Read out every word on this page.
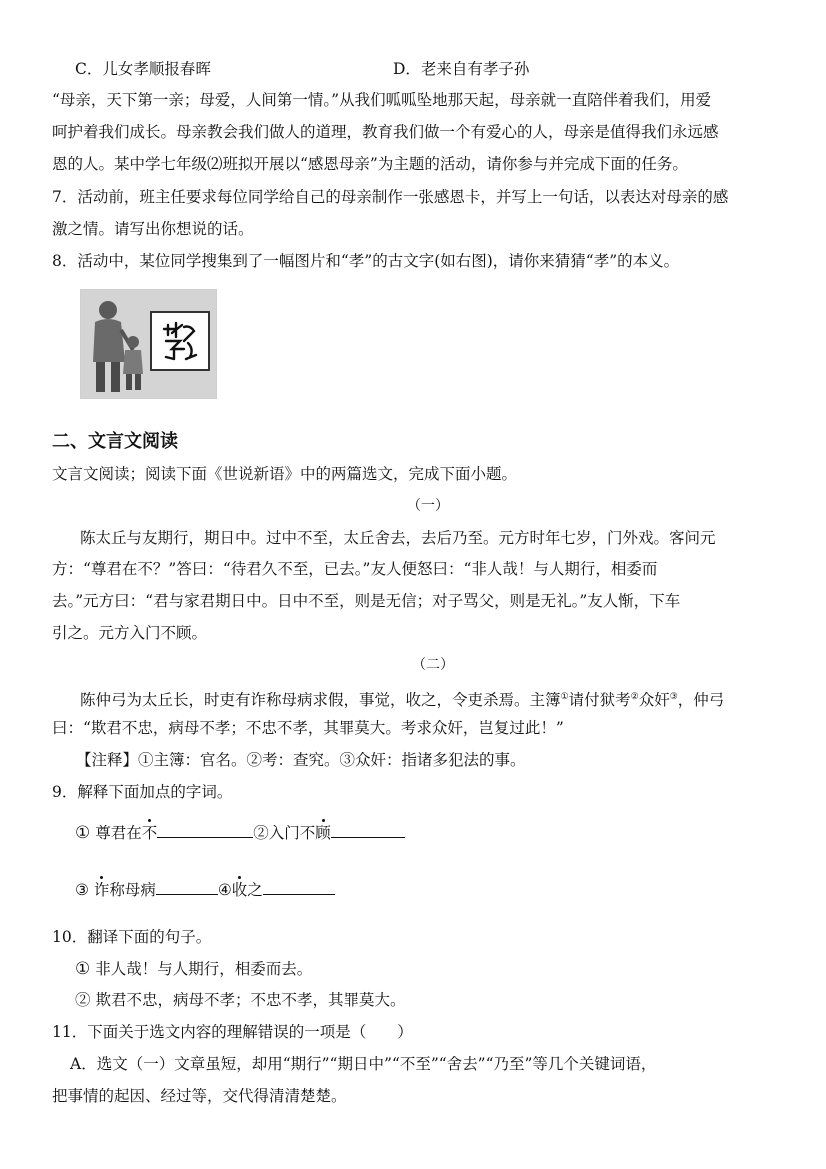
C．儿女孝顺报春晖	D．老来自有孝子孙
“母亲，天下第一亲；母爱，人间第一情。”从我们呱呱坠地那天起，母亲就一直陪伴着我们，用爱
呵护着我们成长。母亲教会我们做人的道理，教育我们做一个有爱心的人，母亲是值得我们永远感
恩的人。某中学七年级⑵班拟开展以“感恩母亲”为主题的活动，请你参与并完成下面的任务。
7．活动前，班主任要求每位同学给自己的母亲制作一张感恩卡，并写上一句话，以表达对母亲的感
激之情。请写出你想说的话。
8．活动中，某位同学搜集到了一幅图片和“孝”的古文字(如右图)，请你来猜猜“孝”的本义。
二、文言文阅读
文言文阅读；阅读下面《世说新语》中的两篇选文，完成下面小题。
（一）
陈太丘与友期行，期日中。过中不至，太丘舍去，去后乃至。元方时年七岁，门外戏。客问元
方：“尊君在不？”答曰：“待君久不至，已去。”友人便怒曰：“非人哉！与人期行，相委而
去。”元方曰：“君与家君期日中。日中不至，则是无信；对子骂父，则是无礼。”友人惭，下车
引之。元方入门不顾。
（二）
陈仲弓为太丘长，时吏有诈称母病求假，事觉，收之，令吏杀焉。主簿①请付狱考②众奸③，仲弓
曰：“欺君不忠，病母不孝；不忠不孝，其罪莫大。考求众奸，岂复过此！”
【注释】①主簿：官名。②考：查究。③众奸：指诸多犯法的事。
9．解释下面加点的字词。
① 尊君在不	②入门不顾
③ 诈称母病	④收之
10．翻译下面的句子。
① 非人哉！与人期行，相委而去。
② 欺君不忠，病母不孝；不忠不孝，其罪莫大。
11．下面关于选文内容的理解错误的一项是（　　）
A．选文（一）文章虽短，却用“期行”“期日中”“不至”“舍去”“乃至”等几个关键词语，
把事情的起因、经过等，交代得清清楚楚。
